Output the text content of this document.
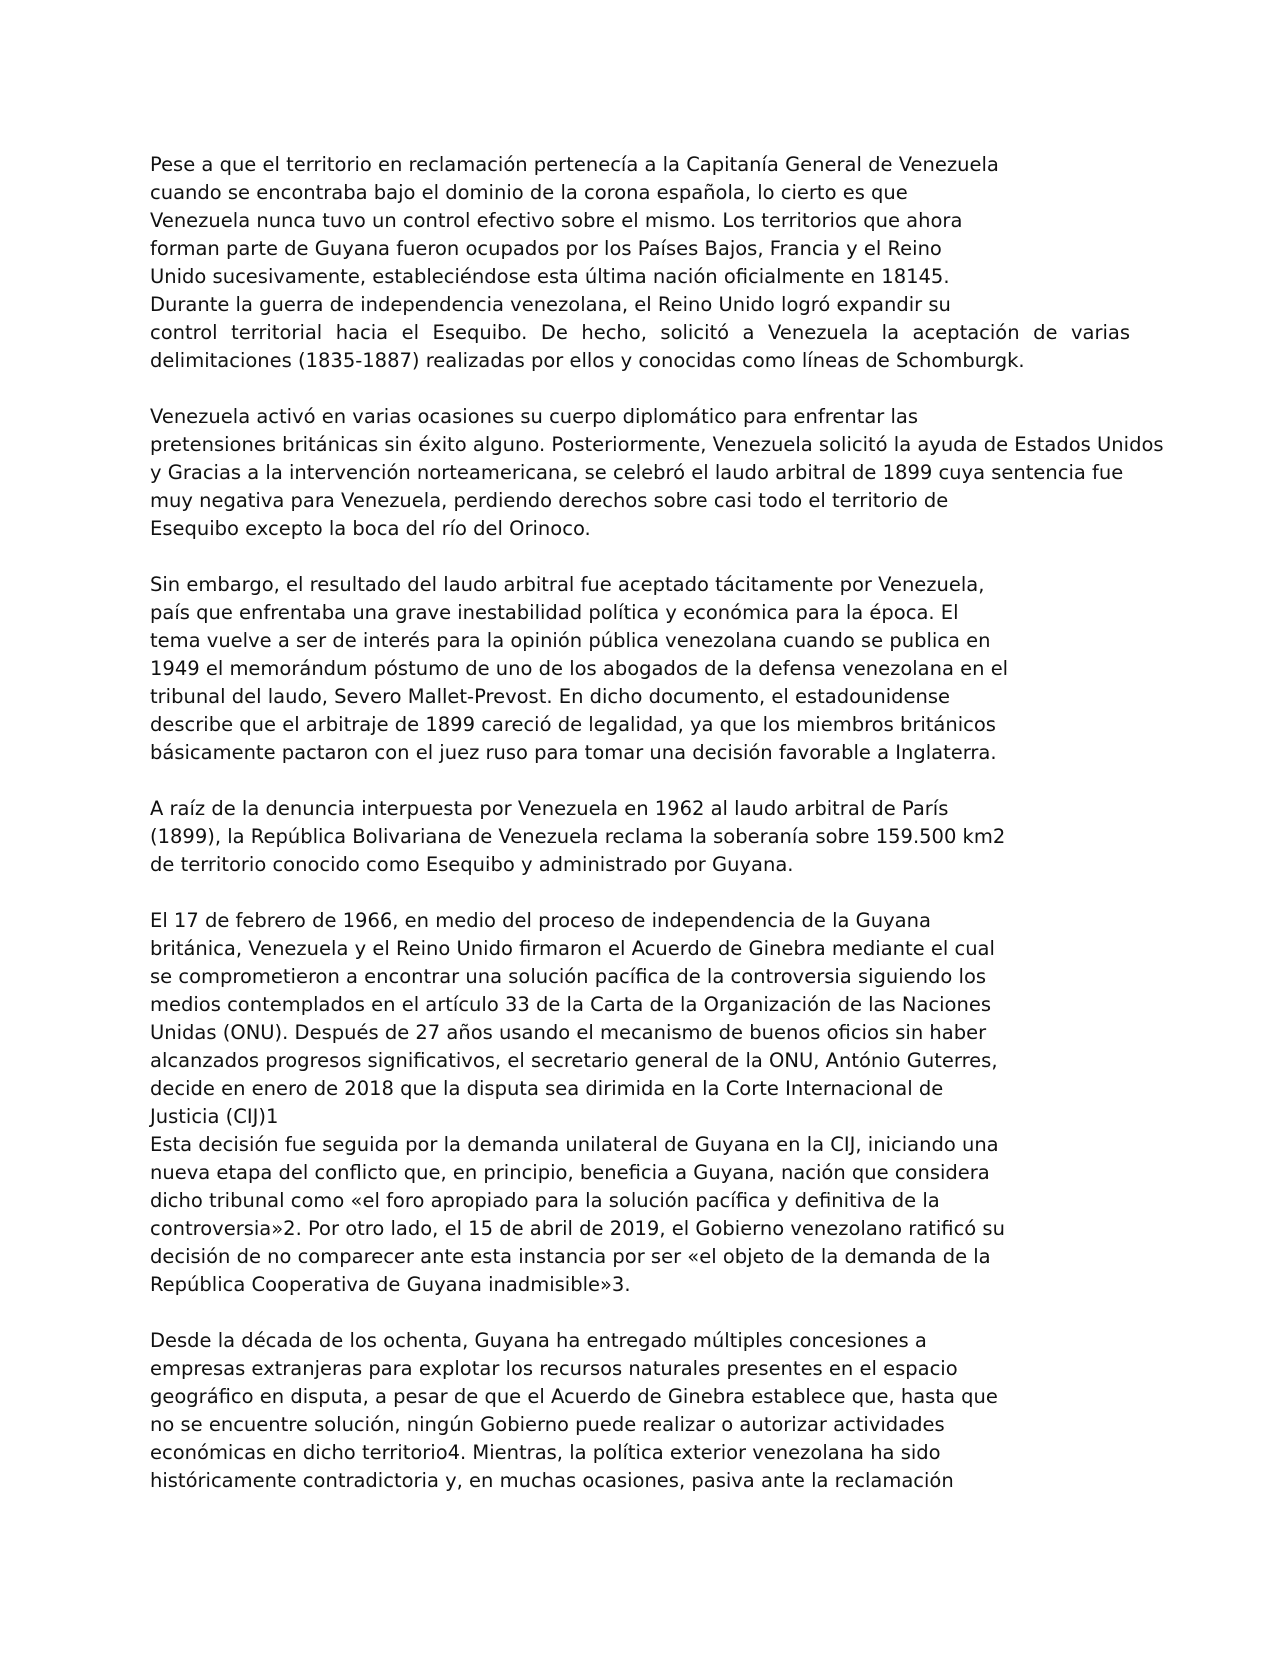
Pese a que el territorio en reclamación pertenecía a la Capitanía General de Venezuela
cuando se encontraba bajo el dominio de la corona española, lo cierto es que
Venezuela nunca tuvo un control efectivo sobre el mismo. Los territorios que ahora
forman parte de Guyana fueron ocupados por los Países Bajos, Francia y el Reino
Unido sucesivamente, estableciéndose esta última nación oficialmente en 18145.
Durante la guerra de independencia venezolana, el Reino Unido logró expandir su
control territorial hacia el Esequibo. De hecho, solicitó a Venezuela la aceptación de varias
delimitaciones (1835-1887) realizadas por ellos y conocidas como líneas de Schomburgk.
Venezuela activó en varias ocasiones su cuerpo diplomático para enfrentar las
pretensiones británicas sin éxito alguno. Posteriormente, Venezuela solicitó la ayuda de Estados Unidos
y Gracias a la intervención norteamericana, se celebró el laudo arbitral de 1899 cuya sentencia fue
muy negativa para Venezuela, perdiendo derechos sobre casi todo el territorio de
Esequibo excepto la boca del río del Orinoco.
Sin embargo, el resultado del laudo arbitral fue aceptado tácitamente por Venezuela,
país que enfrentaba una grave inestabilidad política y económica para la época. El
tema vuelve a ser de interés para la opinión pública venezolana cuando se publica en
1949 el memorándum póstumo de uno de los abogados de la defensa venezolana en el
tribunal del laudo, Severo Mallet-Prevost. En dicho documento, el estadounidense
describe que el arbitraje de 1899 careció de legalidad, ya que los miembros británicos
básicamente pactaron con el juez ruso para tomar una decisión favorable a Inglaterra.
A raíz de la denuncia interpuesta por Venezuela en 1962 al laudo arbitral de París
(1899), la República Bolivariana de Venezuela reclama la soberanía sobre 159.500 km2
de territorio conocido como Esequibo y administrado por Guyana.
El 17 de febrero de 1966, en medio del proceso de independencia de la Guyana
británica, Venezuela y el Reino Unido firmaron el Acuerdo de Ginebra mediante el cual
se comprometieron a encontrar una solución pacífica de la controversia siguiendo los
medios contemplados en el artículo 33 de la Carta de la Organización de las Naciones
Unidas (ONU). Después de 27 años usando el mecanismo de buenos oficios sin haber
alcanzados progresos significativos, el secretario general de la ONU, António Guterres,
decide en enero de 2018 que la disputa sea dirimida en la Corte Internacional de
Justicia (CIJ)1
Esta decisión fue seguida por la demanda unilateral de Guyana en la CIJ, iniciando una
nueva etapa del conflicto que, en principio, beneficia a Guyana, nación que considera
dicho tribunal como «el foro apropiado para la solución pacífica y definitiva de la
controversia»2. Por otro lado, el 15 de abril de 2019, el Gobierno venezolano ratificó su
decisión de no comparecer ante esta instancia por ser «el objeto de la demanda de la
República Cooperativa de Guyana inadmisible»3.
Desde la década de los ochenta, Guyana ha entregado múltiples concesiones a
empresas extranjeras para explotar los recursos naturales presentes en el espacio
geográfico en disputa, a pesar de que el Acuerdo de Ginebra establece que, hasta que
no se encuentre solución, ningún Gobierno puede realizar o autorizar actividades
económicas en dicho territorio4. Mientras, la política exterior venezolana ha sido
históricamente contradictoria y, en muchas ocasiones, pasiva ante la reclamación
